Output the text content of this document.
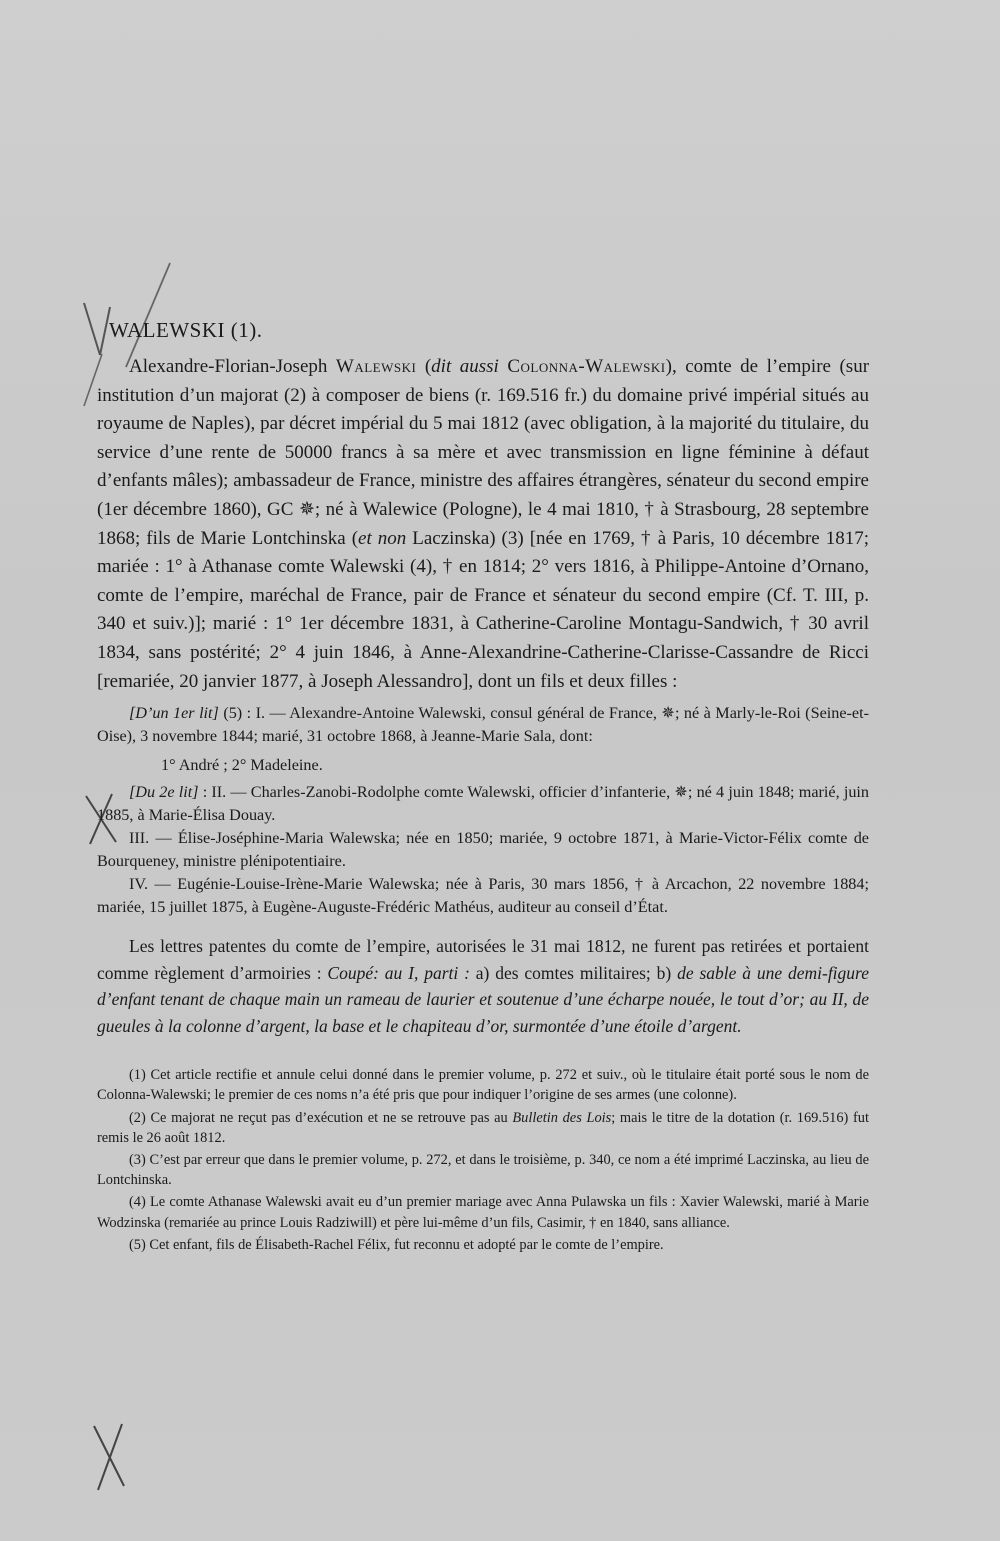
WALEWSKI (1).

Alexandre-Florian-Joseph Walewski (dit aussi Colonna-Walewski), comte de l’empire (sur institution d’un majorat (2) à composer de biens (r. 169.516 fr.) du domaine privé impérial situés au royaume de Naples), par décret impérial du 5 mai 1812 (avec obligation, à la majorité du titulaire, du service d’une rente de 50000 francs à sa mère et avec transmission en ligne féminine à défaut d’enfants mâles); ambassadeur de France, ministre des affaires étrangères, sénateur du second empire (1er décembre 1860), GC ✵; né à Walewice (Pologne), le 4 mai 1810, † à Strasbourg, 28 septembre 1868; fils de Marie Lontchinska (et non Laczinska) (3) [née en 1769, † à Paris, 10 décembre 1817; mariée : 1° à Athanase comte Walewski (4), † en 1814; 2° vers 1816, à Philippe-Antoine d’Ornano, comte de l’empire, maréchal de France, pair de France et sénateur du second empire (Cf. T. III, p. 340 et suiv.)]; marié : 1° 1er décembre 1831, à Catherine-Caroline Montagu-Sandwich, † 30 avril 1834, sans postérité; 2° 4 juin 1846, à Anne-Alexandrine-Catherine-Clarisse-Cassandre de Ricci [remariée, 20 janvier 1877, à Joseph Alessandro], dont un fils et deux filles :

[D’un 1er lit] (5) : I. — Alexandre-Antoine Walewski, consul général de France, ✵; né à Marly-le-Roi (Seine-et-Oise), 3 novembre 1844; marié, 31 octobre 1868, à Jeanne-Marie Sala, dont:

1° André ; 2° Madeleine.

[Du 2e lit] : II. — Charles-Zanobi-Rodolphe comte Walewski, officier d’infanterie, ✵; né 4 juin 1848; marié, juin 1885, à Marie-Élisa Douay.

III. — Élise-Joséphine-Maria Walewska; née en 1850; mariée, 9 octobre 1871, à Marie-Victor-Félix comte de Bourqueney, ministre plénipotentiaire.

IV. — Eugénie-Louise-Irène-Marie Walewska; née à Paris, 30 mars 1856, † à Arcachon, 22 novembre 1884; mariée, 15 juillet 1875, à Eugène-Auguste-Frédéric Mathéus, auditeur au conseil d’État.

Les lettres patentes du comte de l’empire, autorisées le 31 mai 1812, ne furent pas retirées et portaient comme règlement d’armoiries : Coupé: au I, parti : a) des comtes militaires; b) de sable à une demi-figure d’enfant tenant de chaque main un rameau de laurier et soutenue d’une écharpe nouée, le tout d’or; au II, de gueules à la colonne d’argent, la base et le chapiteau d’or, surmontée d’une étoile d’argent.

(1) Cet article rectifie et annule celui donné dans le premier volume, p. 272 et suiv., où le titulaire était porté sous le nom de Colonna-Walewski; le premier de ces noms n’a été pris que pour indiquer l’origine de ses armes (une colonne).

(2) Ce majorat ne reçut pas d’exécution et ne se retrouve pas au Bulletin des Lois; mais le titre de la dotation (r. 169.516) fut remis le 26 août 1812.

(3) C’est par erreur que dans le premier volume, p. 272, et dans le troisième, p. 340, ce nom a été imprimé Laczinska, au lieu de Lontchinska.

(4) Le comte Athanase Walewski avait eu d’un premier mariage avec Anna Pulawska un fils : Xavier Walewski, marié à Marie Wodzinska (remariée au prince Louis Radziwill) et père lui-même d’un fils, Casimir, † en 1840, sans alliance.

(5) Cet enfant, fils de Élisabeth-Rachel Félix, fut reconnu et adopté par le comte de l’empire.
